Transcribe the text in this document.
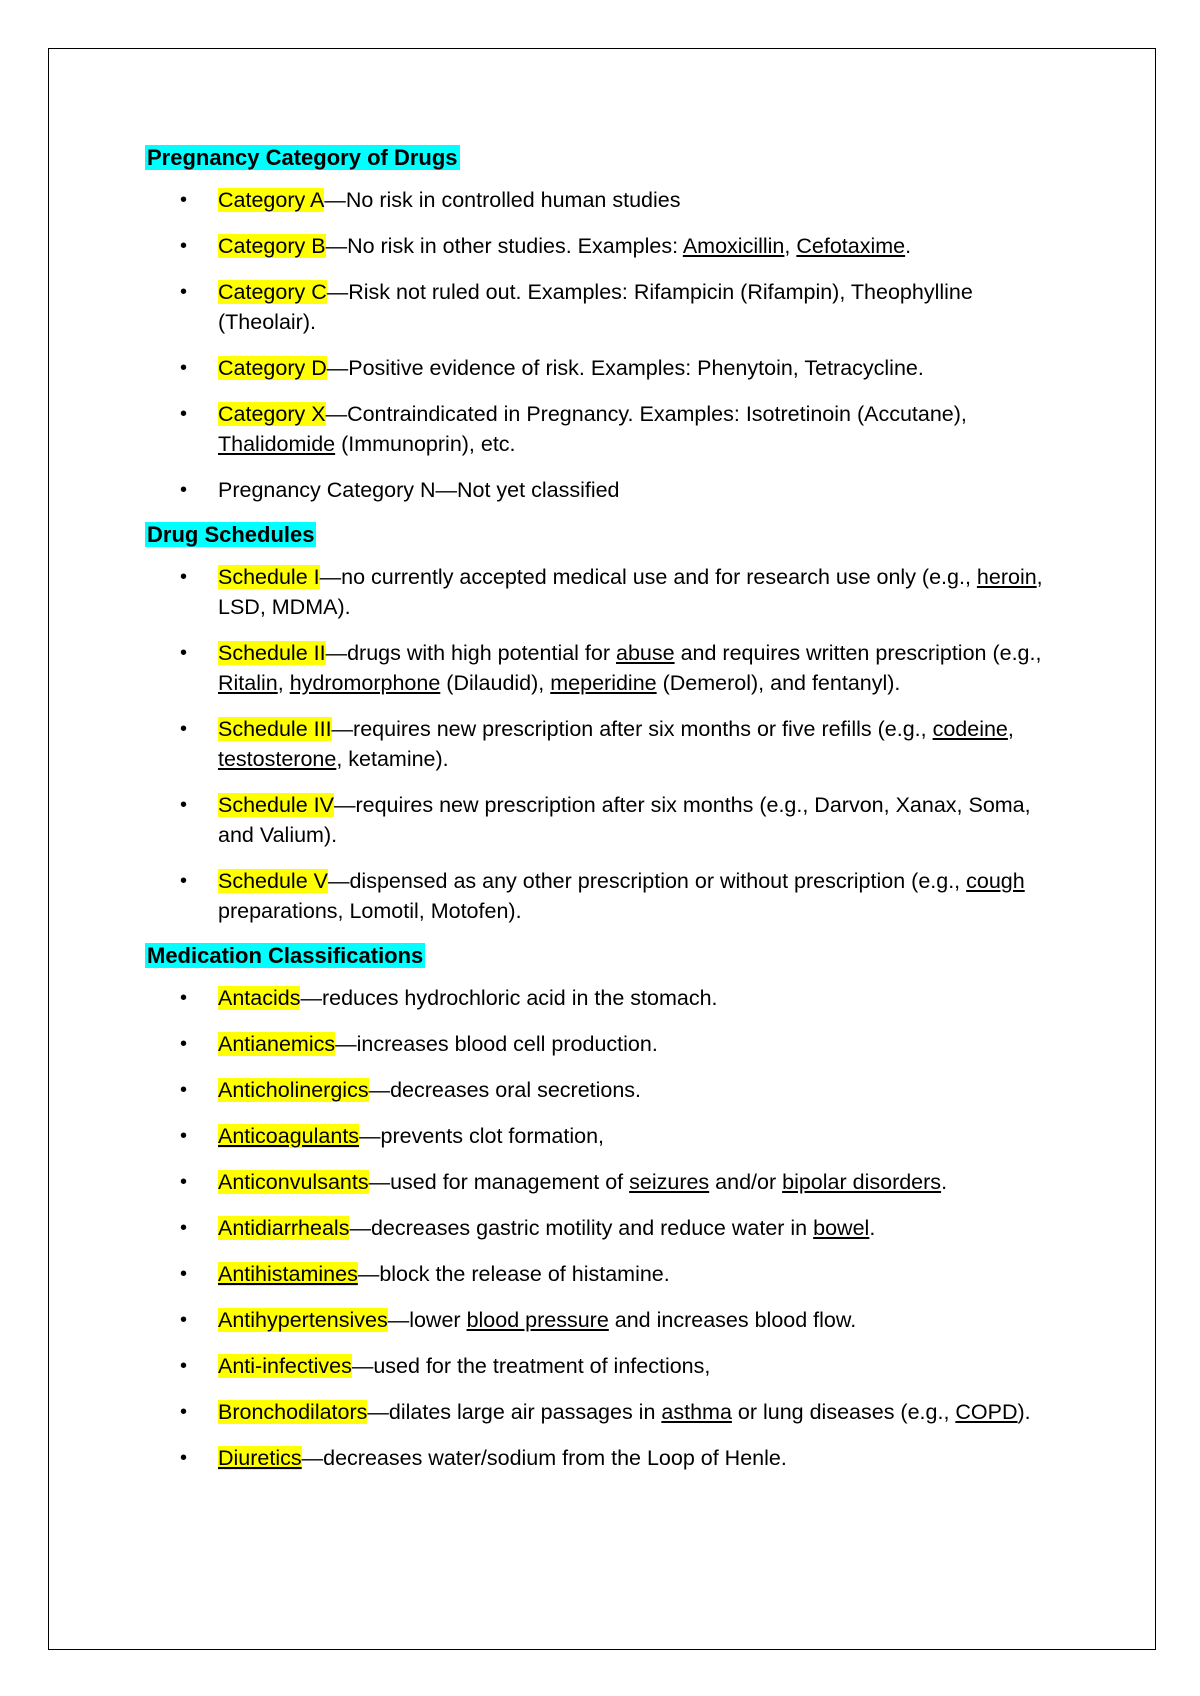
Pregnancy Category of Drugs
• Category A—No risk in controlled human studies
• Category B—No risk in other studies. Examples: Amoxicillin, Cefotaxime.
• Category C—Risk not ruled out. Examples: Rifampicin (Rifampin), Theophylline (Theolair).
• Category D—Positive evidence of risk. Examples: Phenytoin, Tetracycline.
• Category X—Contraindicated in Pregnancy. Examples: Isotretinoin (Accutane), Thalidomide (Immunoprin), etc.
• Pregnancy Category N—Not yet classified
Drug Schedules
• Schedule I—no currently accepted medical use and for research use only (e.g., heroin, LSD, MDMA).
• Schedule II—drugs with high potential for abuse and requires written prescription (e.g., Ritalin, hydromorphone (Dilaudid), meperidine (Demerol), and fentanyl).
• Schedule III—requires new prescription after six months or five refills (e.g., codeine, testosterone, ketamine).
• Schedule IV—requires new prescription after six months (e.g., Darvon, Xanax, Soma, and Valium).
• Schedule V—dispensed as any other prescription or without prescription (e.g., cough preparations, Lomotil, Motofen).
Medication Classifications
• Antacids—reduces hydrochloric acid in the stomach.
• Antianemics—increases blood cell production.
• Anticholinergics—decreases oral secretions.
• Anticoagulants—prevents clot formation,
• Anticonvulsants—used for management of seizures and/or bipolar disorders.
• Antidiarrheals—decreases gastric motility and reduce water in bowel.
• Antihistamines—block the release of histamine.
• Antihypertensives—lower blood pressure and increases blood flow.
• Anti-infectives—used for the treatment of infections,
• Bronchodilators—dilates large air passages in asthma or lung diseases (e.g., COPD).
• Diuretics—decreases water/sodium from the Loop of Henle.
